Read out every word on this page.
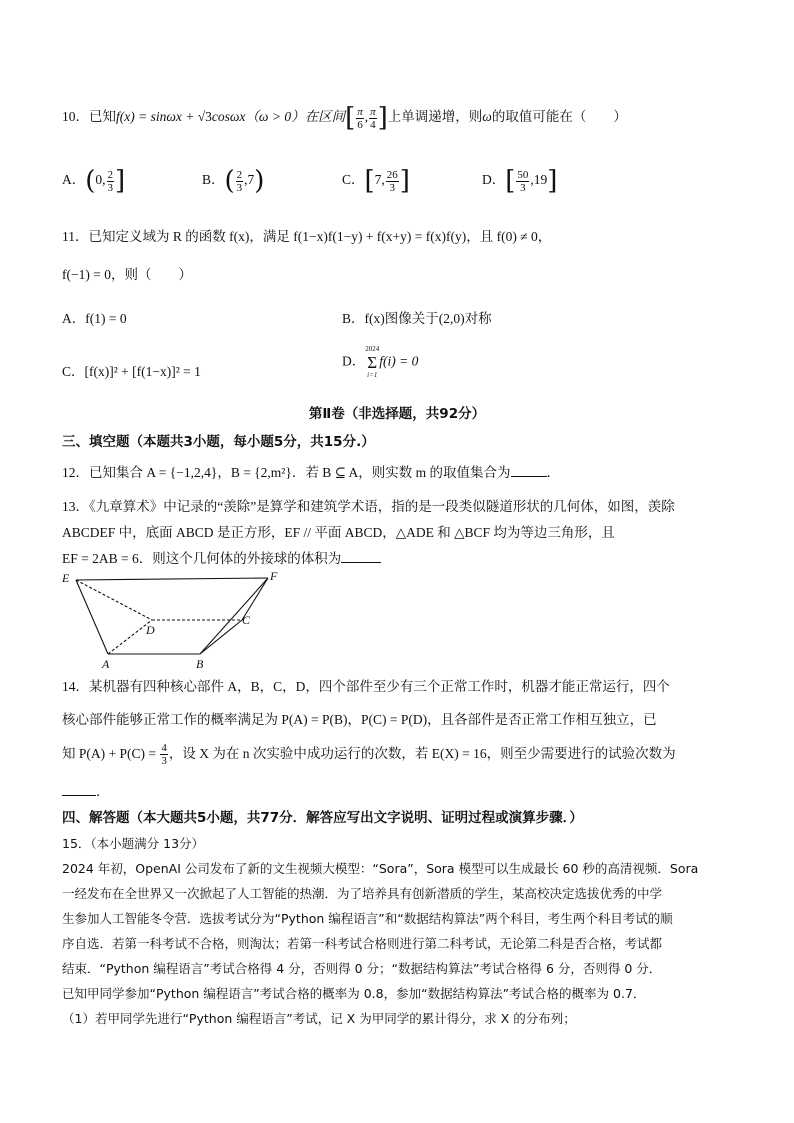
10．已知f(x) = sinωx + √3cosωx（ω > 0）在区间[ $\frac{\pi}{6}$ , $\frac{\pi}{4}$ ]上单调递增，则ω的取值可能在（　　）
A．(0, $\frac{2}{3}$ ]	B．( $\frac{2}{3} ,7$)	C．[7, $\frac{26}{3}$ ]	D．[ $\frac{50}{3} ,19$]
11．已知定义域为 R 的函数 f(x)，满足 f(1−x)f(1−y) + f(x+y) = f(x)f(y)，且 f(0) ≠ 0，
f(−1) = 0，则（　　）
A．f(1) = 0	B．f(x)图像关于(2,0)对称
C．[f(x)]² + [f(1−x)]² = 1
D．
2024
Σ
i=1
f(i) = 0
第Ⅱ卷（非选择题，共92分）
三、填空题（本题共3小题，每小题5分，共15分.）
12．已知集合 A = {−1,2,4}，B = {2,m²}．若 B ⊆ A，则实数 m 的取值集合为	．
13．《九章算术》中记录的“羡除”是算学和建筑学术语，指的是一段类似隧道形状的几何体，如图，羡除
ABCDEF 中，底面 ABCD 是正方形，EF // 平面 ABCD，△ADE 和 △BCF 均为等边三角形，且
EF = 2AB = 6．则这个几何体的外接球的体积为
E	F
D
C
A	B
14．某机器有四种核心部件 A，B，C，D，四个部件至少有三个正常工作时，机器才能正常运行，四个
核心部件能够正常工作的概率满足为 P(A) = P(B)，P(C) = P(D)，且各部件是否正常工作相互独立，已
知 $P(A) + P(C) = \frac{4}{3}$ ，设 X 为在 n 次实验中成功运行的次数，若 E(X) = 16，则至少需要进行的试验次数为
．
四、解答题（本大题共5小题，共77分．解答应写出文字说明、证明过程或演算步骤．）
15．（本小题满分 13分）
2024 年初，OpenAI 公司发布了新的文生视频大模型：“Sora”，Sora 模型可以生成最长 60 秒的高清视频．Sora
一经发布在全世界又一次掀起了人工智能的热潮．为了培养具有创新潜质的学生，某高校决定选拔优秀的中学
生参加人工智能冬令营．选拔考试分为“Python 编程语言”和“数据结构算法”两个科目，考生两个科目考试的顺
序自选．若第一科考试不合格，则淘汰；若第一科考试合格则进行第二科考试，无论第二科是否合格，考试都
结束．“Python 编程语言”考试合格得 4 分，否则得 0 分；“数据结构算法”考试合格得 6 分，否则得 0 分．
已知甲同学参加“Python 编程语言”考试合格的概率为 0.8，参加“数据结构算法”考试合格的概率为 0.7．
（1）若甲同学先进行“Python 编程语言”考试，记 X 为甲同学的累计得分，求 X 的分布列；
